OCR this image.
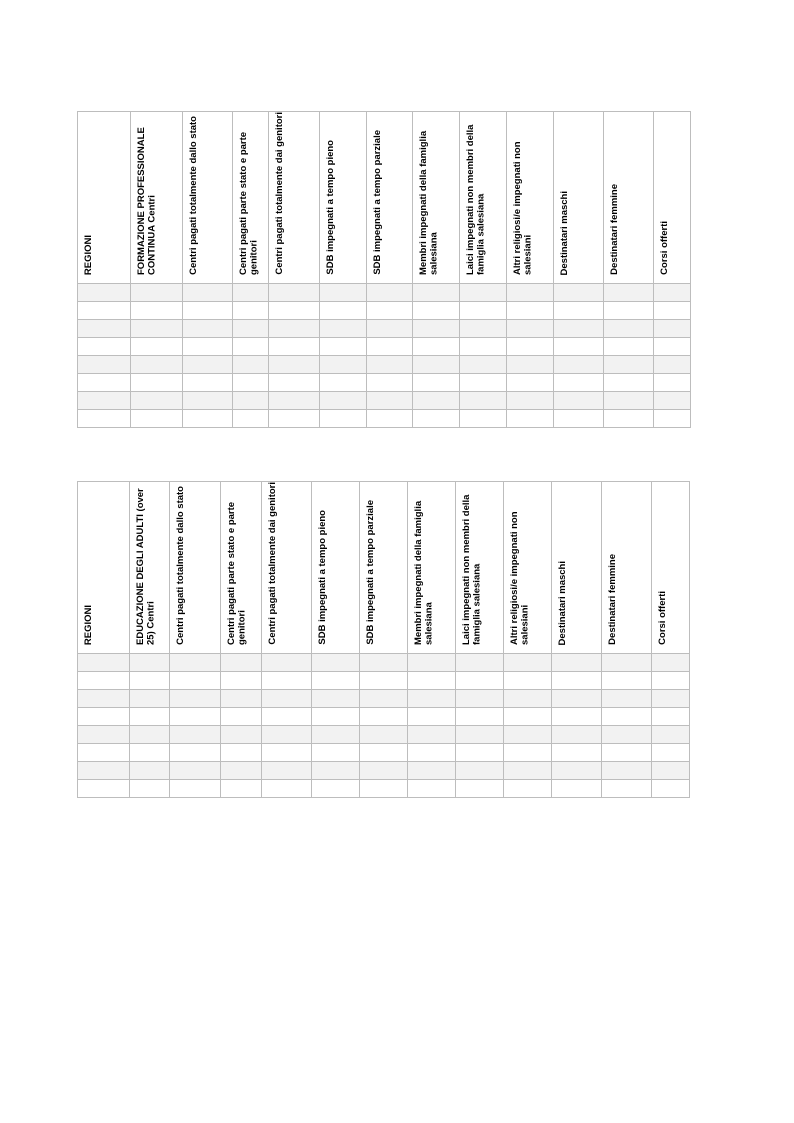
REGIONI	FORMAZIONE PROFESSIONALE CONTINUA Centri	Centri pagati totalmente dallo stato	Centri pagati parte stato e parte genitori	Centri pagati totalmente dai genitori	SDB impegnati a tempo pieno	SDB impegnati a tempo parziale	Membri impegnati della famiglia salesiana	Laici impegnati non membri della famiglia salesiana	Altri religiosi/e impegnati non salesiani	Destinatari maschi	Destinatari femmine	Corsi offerti

REGIONI	EDUCAZIONE DEGLI ADULTI (over 25) Centri	Centri pagati totalmente dallo stato	Centri pagati parte stato e parte genitori	Centri pagati totalmente dai genitori	SDB impegnati a tempo pieno	SDB impegnati a tempo parziale	Membri impegnati della famiglia salesiana	Laici impegnati non membri della famiglia salesiana	Altri religiosi/e impegnati non salesiani	Destinatari maschi	Destinatari femmine	Corsi offerti
